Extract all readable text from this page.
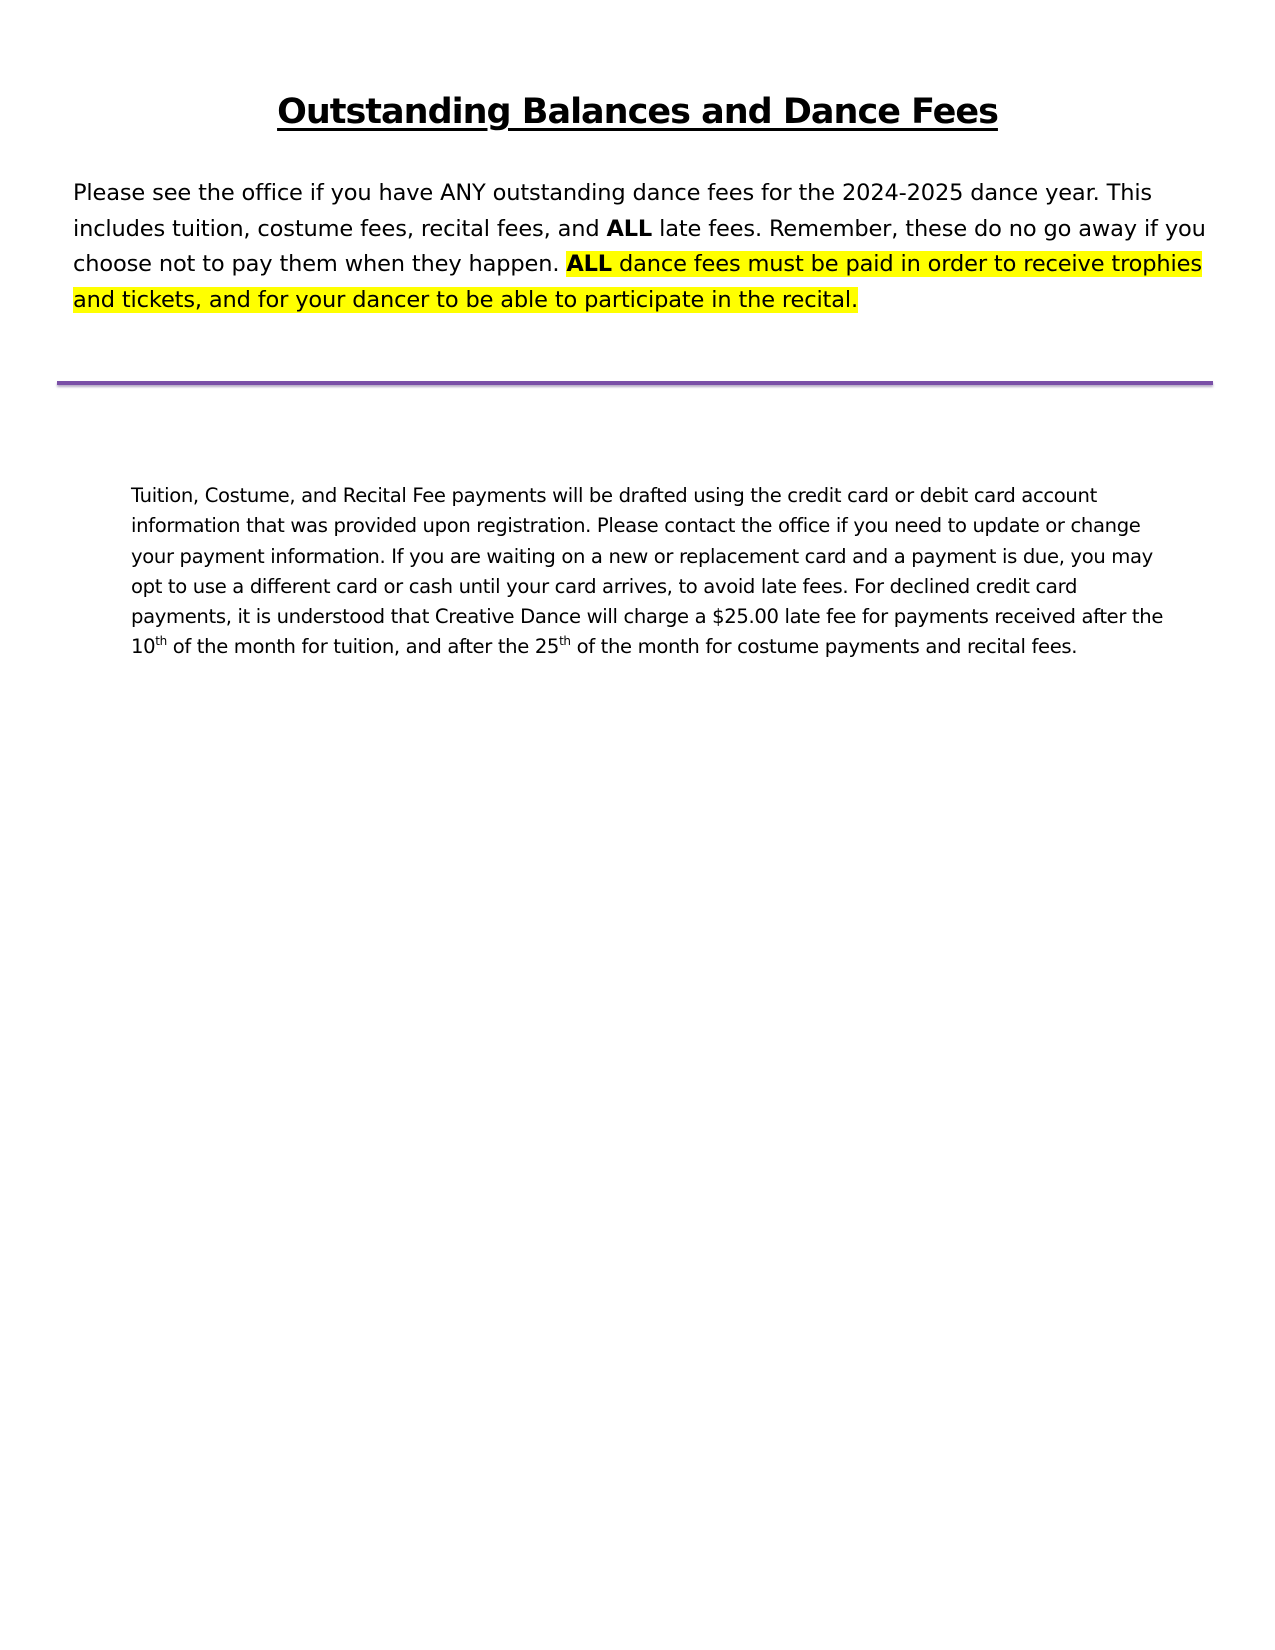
Outstanding Balances and Dance Fees

Please see the office if you have ANY outstanding dance fees for the 2024-2025 dance year. This includes tuition, costume fees, recital fees, and ALL late fees. Remember, these do no go away if you choose not to pay them when they happen. ALL dance fees must be paid in order to receive trophies and tickets, and for your dancer to be able to participate in the recital.

Tuition, Costume, and Recital Fee payments will be drafted using the credit card or debit card account information that was provided upon registration. Please contact the office if you need to update or change your payment information. If you are waiting on a new or replacement card and a payment is due, you may opt to use a different card or cash until your card arrives, to avoid late fees. For declined credit card payments, it is understood that Creative Dance will charge a $25.00 late fee for payments received after the 10th of the month for tuition, and after the 25th of the month for costume payments and recital fees.
